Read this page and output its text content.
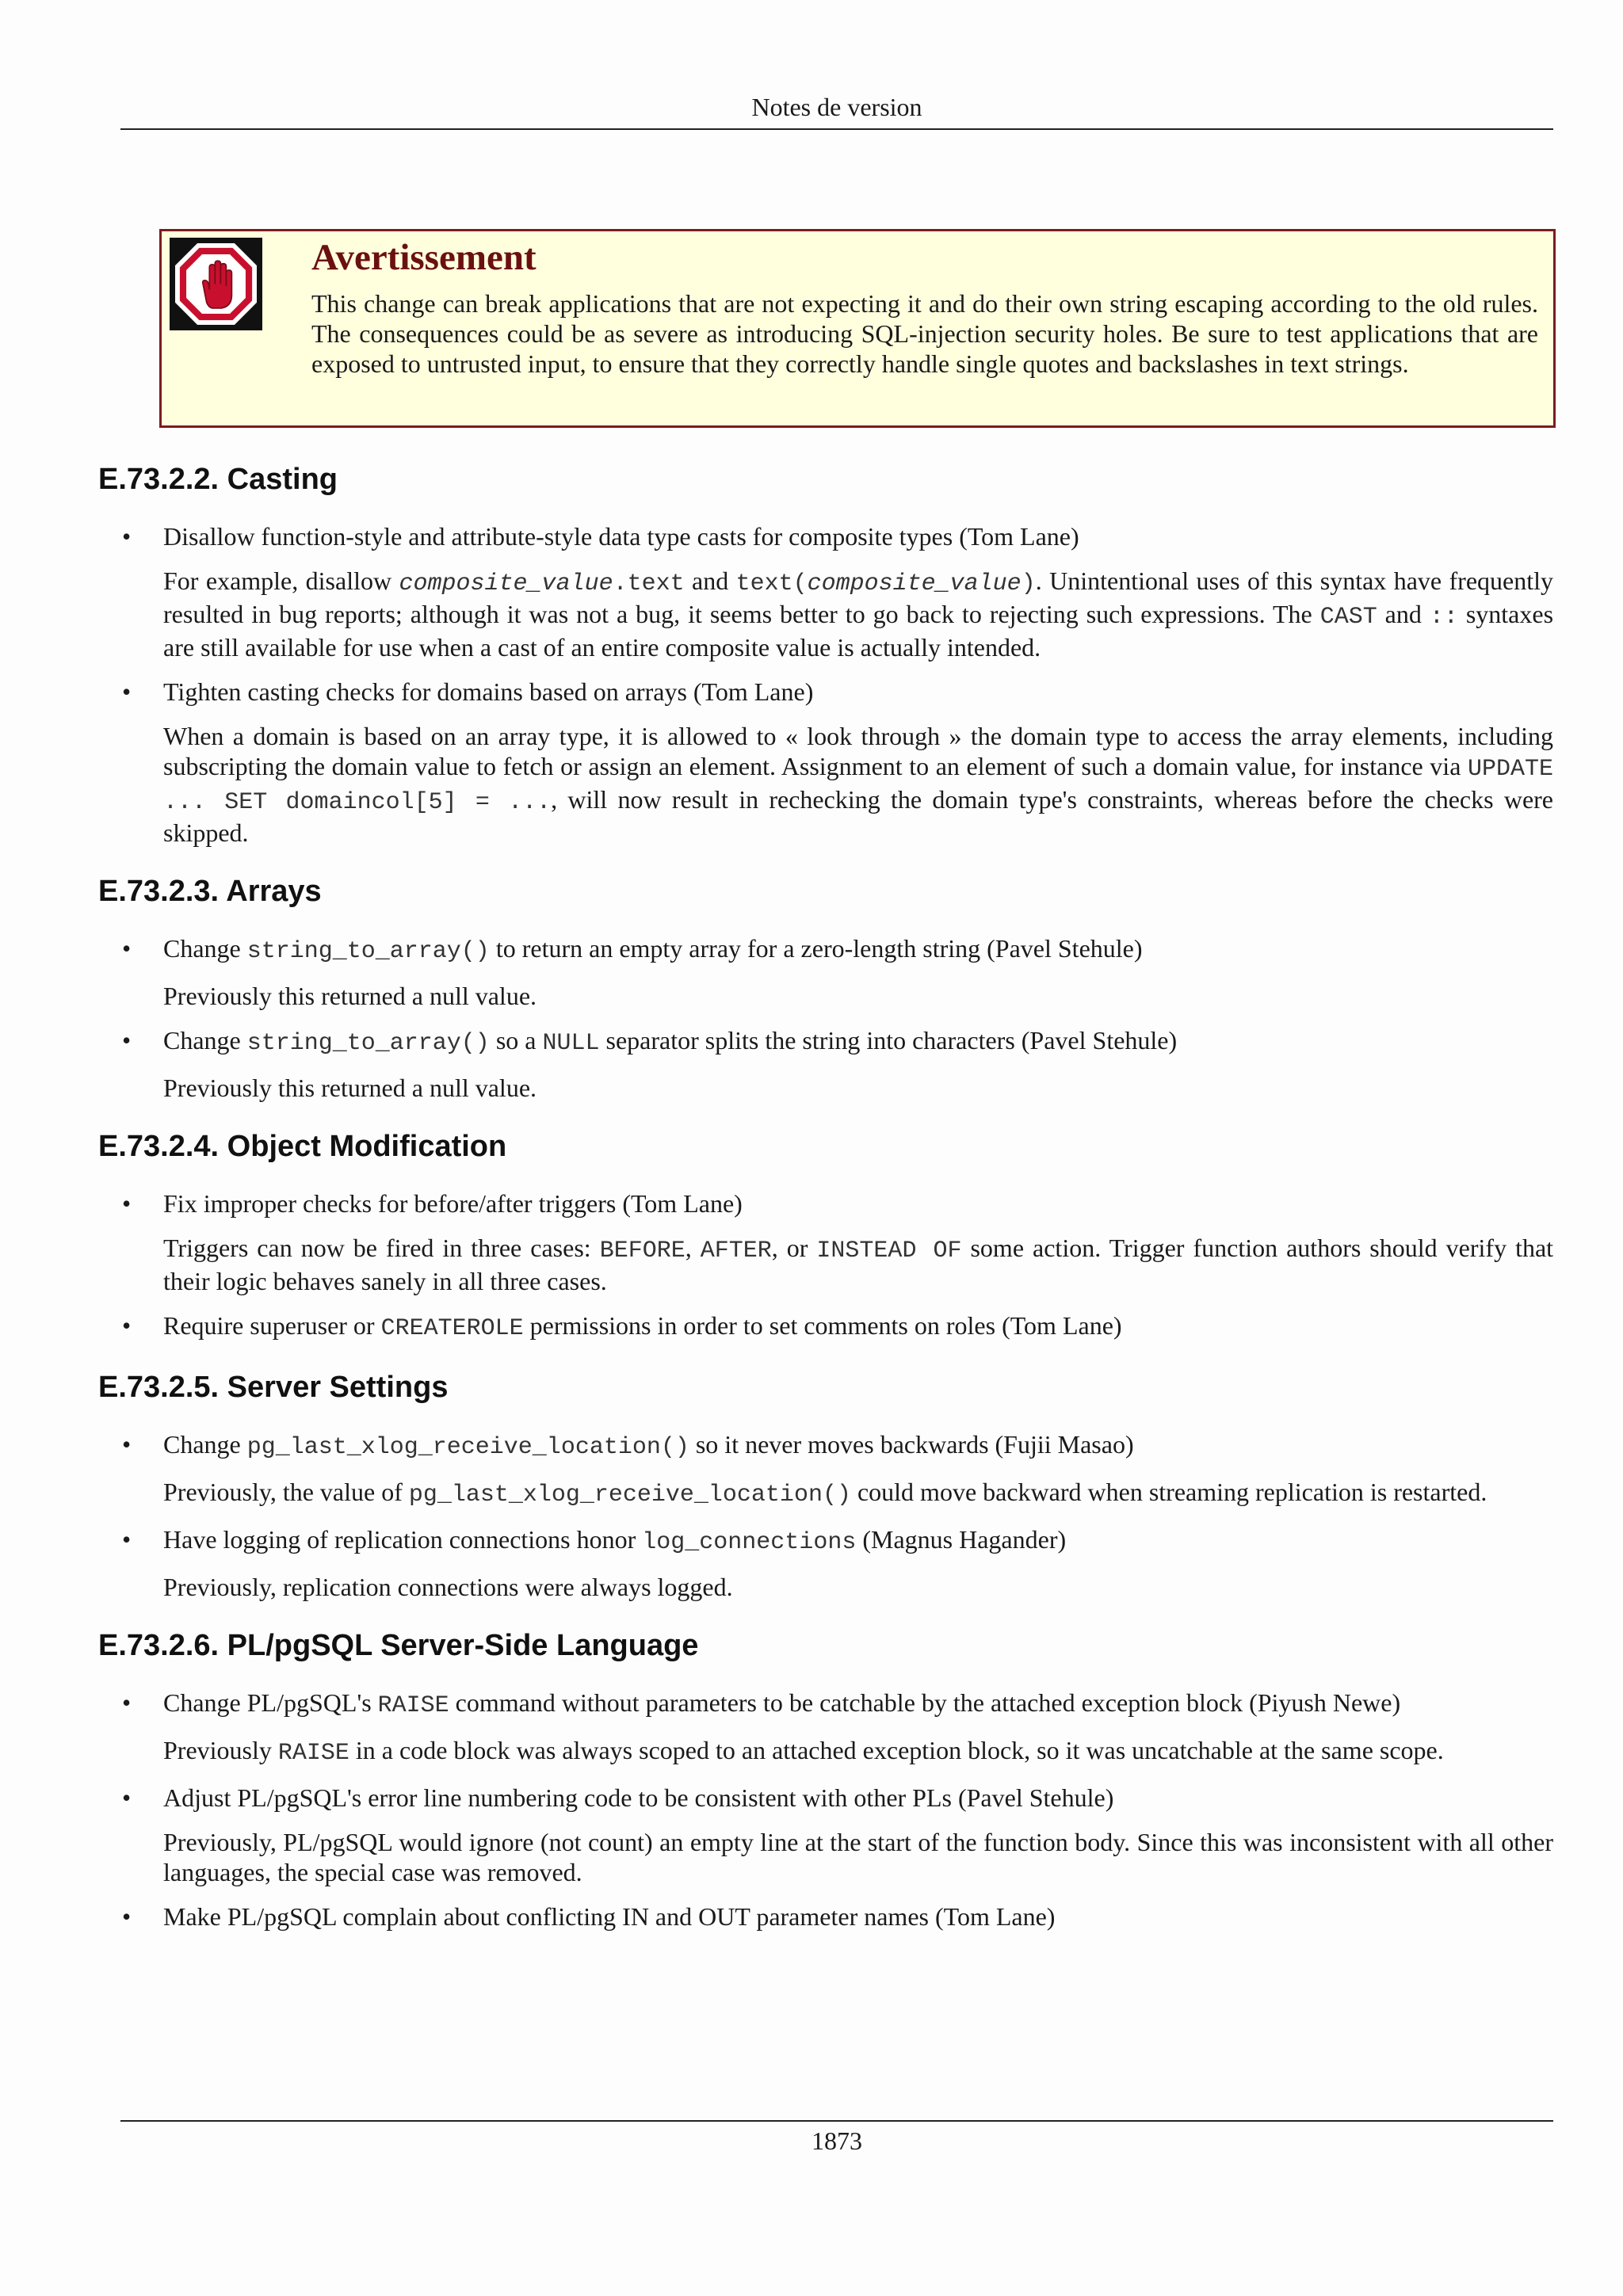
Notes de version
Avertissement
This change can break applications that are not expecting it and do their own string escaping according to the old rules. The consequences could be as severe as introducing SQL-injection security holes. Be sure to test applications that are exposed to untrusted input, to ensure that they correctly handle single quotes and backslashes in text strings.
E.73.2.2. Casting
• Disallow function-style and attribute-style data type casts for composite types (Tom Lane)

For example, disallow composite_value.text and text(composite_value). Unintentional uses of this syntax have frequently resulted in bug reports; although it was not a bug, it seems better to go back to rejecting such expressions. The CAST and :: syntaxes are still available for use when a cast of an entire composite value is actually intended.

• Tighten casting checks for domains based on arrays (Tom Lane)

When a domain is based on an array type, it is allowed to « look through » the domain type to access the array elements, including subscripting the domain value to fetch or assign an element. Assignment to an element of such a domain value, for instance via UPDATE ... SET domaincol[5] = ..., will now result in rechecking the domain type's constraints, whereas before the checks were skipped.

E.73.2.3. Arrays
• Change string_to_array() to return an empty array for a zero-length string (Pavel Stehule)

Previously this returned a null value.

• Change string_to_array() so a NULL separator splits the string into characters (Pavel Stehule)

Previously this returned a null value.

E.73.2.4. Object Modification
• Fix improper checks for before/after triggers (Tom Lane)

Triggers can now be fired in three cases: BEFORE, AFTER, or INSTEAD OF some action. Trigger function authors should verify that their logic behaves sanely in all three cases.

• Require superuser or CREATEROLE permissions in order to set comments on roles (Tom Lane)

E.73.2.5. Server Settings
• Change pg_last_xlog_receive_location() so it never moves backwards (Fujii Masao)

Previously, the value of pg_last_xlog_receive_location() could move backward when streaming replication is restarted.

• Have logging of replication connections honor log_connections (Magnus Hagander)

Previously, replication connections were always logged.

E.73.2.6. PL/pgSQL Server-Side Language
• Change PL/pgSQL's RAISE command without parameters to be catchable by the attached exception block (Piyush Newe)

Previously RAISE in a code block was always scoped to an attached exception block, so it was uncatchable at the same scope.

• Adjust PL/pgSQL's error line numbering code to be consistent with other PLs (Pavel Stehule)

Previously, PL/pgSQL would ignore (not count) an empty line at the start of the function body. Since this was inconsistent with all other languages, the special case was removed.

• Make PL/pgSQL complain about conflicting IN and OUT parameter names (Tom Lane)

1873
